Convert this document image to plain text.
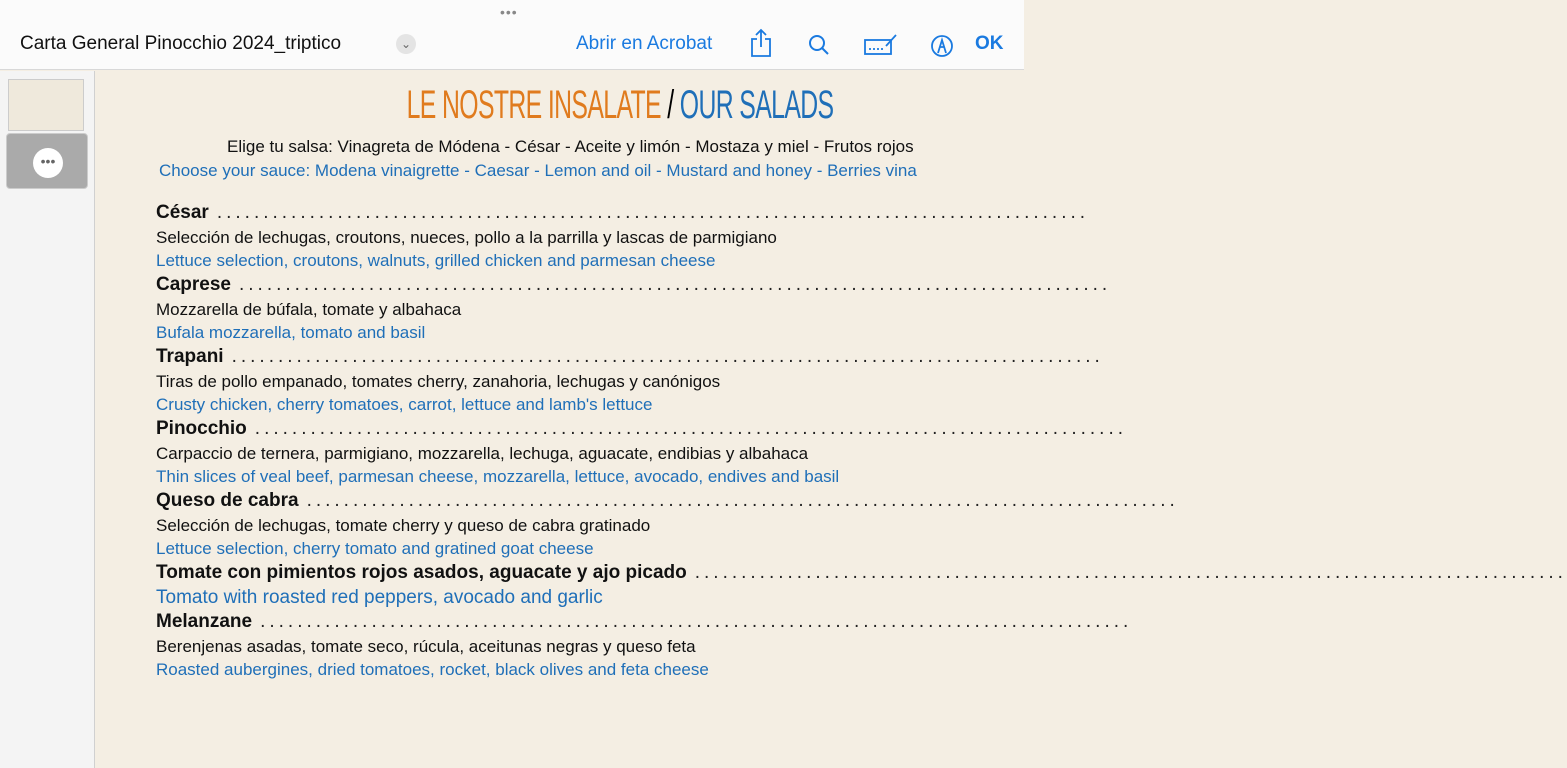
•••
Carta General Pinocchio 2024_triptico	⌄	Abrir en Acrobat	OK
•••
LE NOSTRE INSALATE / OUR SALADS
Elige tu salsa: Vinagreta de Módena - César - Aceite y limón - Mostaza y miel - Frutos rojos
Choose your sauce: Modena vinaigrette - Caesar - Lemon and oil - Mustard and honey - Berries vina
César ..............................................................................................
Selección de lechugas, croutons, nueces, pollo a la parrilla y lascas de parmigiano
Lettuce selection, croutons, walnuts, grilled chicken and parmesan cheese
Caprese ..............................................................................................
Mozzarella de búfala, tomate y albahaca
Bufala mozzarella, tomato and basil
Trapani ..............................................................................................
Tiras de pollo empanado, tomates cherry, zanahoria, lechugas y canónigos
Crusty chicken, cherry tomatoes, carrot, lettuce and lamb's lettuce
Pinocchio ..............................................................................................
Carpaccio de ternera, parmigiano, mozzarella, lechuga, aguacate, endibias y albahaca
Thin slices of veal beef, parmesan cheese, mozzarella, lettuce, avocado, endives and basil
Queso de cabra ..............................................................................................
Selección de lechugas, tomate cherry y queso de cabra gratinado
Lettuce selection, cherry tomato and gratined goat cheese
Tomate con pimientos rojos asados, aguacate y ajo picado ..............................................................................................
Tomato with roasted red peppers, avocado and garlic
Melanzane ..............................................................................................
Berenjenas asadas, tomate seco, rúcula, aceitunas negras y queso feta
Roasted aubergines, dried tomatoes, rocket, black olives and feta cheese
